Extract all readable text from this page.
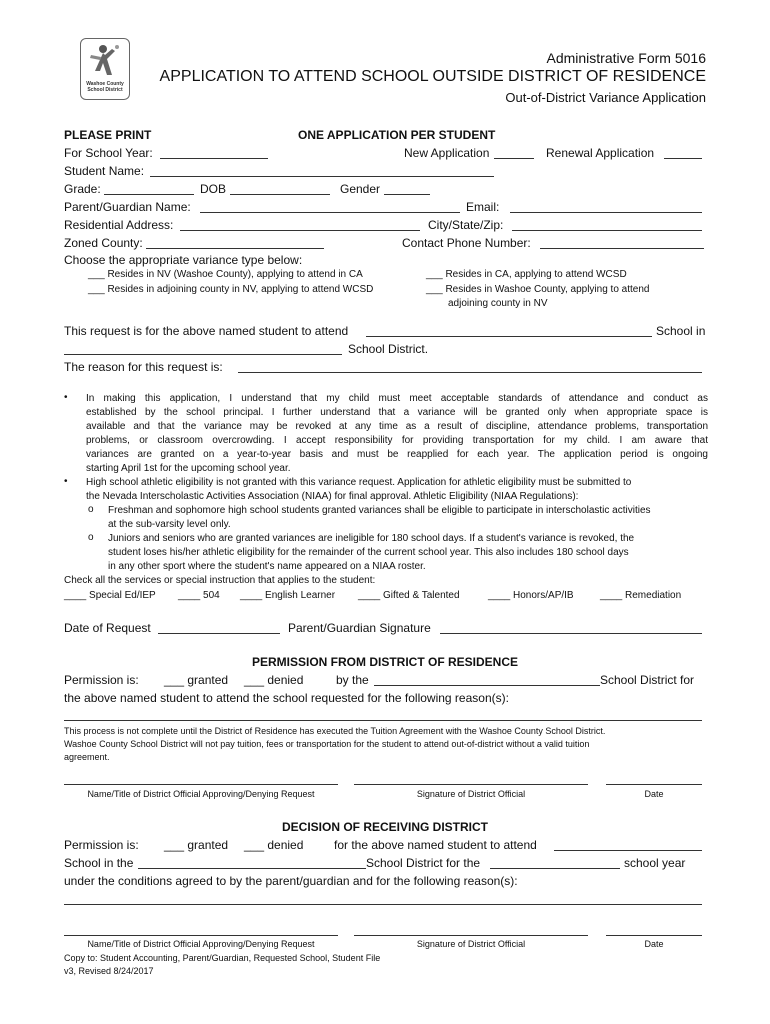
Washoe County
School District
Administrative Form 5016
APPLICATION TO ATTEND SCHOOL OUTSIDE DISTRICT OF RESIDENCE
Out-of-District Variance Application
PLEASE PRINT	ONE APPLICATION PER STUDENT
For School Year:	New Application	Renewal Application
Student Name:
Grade:	DOB	Gender
Parent/Guardian Name:	Email:
Residential Address:	City/State/Zip:
Zoned County:	Contact Phone Number:
Choose the appropriate variance type below:
___ Resides in NV (Washoe County), applying to attend in CA
___ Resides in adjoining county in NV, applying to attend WCSD
___ Resides in CA, applying to attend WCSD
___ Resides in Washoe County, applying to attend
adjoining county in NV
This request is for the above named student to attend	School in
School District.
The reason for this request is:
• In making this application, I understand that my child must meet acceptable standards of attendance and conduct as
established by the school principal. I further understand that a variance will be granted only when appropriate space is
available and that the variance may be revoked at any time as a result of discipline, attendance problems, transportation
problems, or classroom overcrowding. I accept responsibility for providing transportation for my child. I am aware that
variances are granted on a year-to-year basis and must be reapplied for each year. The application period is ongoing
starting April 1st for the upcoming school year.
• High school athletic eligibility is not granted with this variance request. Application for athletic eligibility must be submitted to
the Nevada Interscholastic Activities Association (NIAA) for final approval. Athletic Eligibility (NIAA Regulations):
o Freshman and sophomore high school students granted variances shall be eligible to participate in interscholastic activities
at the sub-varsity level only.
o Juniors and seniors who are granted variances are ineligible for 180 school days. If a student's variance is revoked, the
student loses his/her athletic eligibility for the remainder of the current school year. This also includes 180 school days
in any other sport where the student's name appeared on a NIAA roster.
Check all the services or special instruction that applies to the student:
____ Special Ed/IEP ____ 504 ____ English Learner ____ Gifted & Talented	____ Honors/AP/IB	____ Remediation
Date of Request	Parent/Guardian Signature
PERMISSION FROM DISTRICT OF RESIDENCE
Permission is: ___ granted ___ denied	by the	School District for
the above named student to attend the school requested for the following reason(s):
This process is not complete until the District of Residence has executed the Tuition Agreement with the Washoe County School District.
Washoe County School District will not pay tuition, fees or transportation for the student to attend out-of-district without a valid tuition
agreement.
Name/Title of District Official Approving/Denying Request	Signature of District Official	Date
DECISION OF RECEIVING DISTRICT
Permission is: ___ granted ___ denied	for the above named student to attend
School in the	School District for the	school year
under the conditions agreed to by the parent/guardian and for the following reason(s):
Name/Title of District Official Approving/Denying Request	Signature of District Official	Date
Copy to: Student Accounting, Parent/Guardian, Requested School, Student File
v3, Revised 8/24/2017
